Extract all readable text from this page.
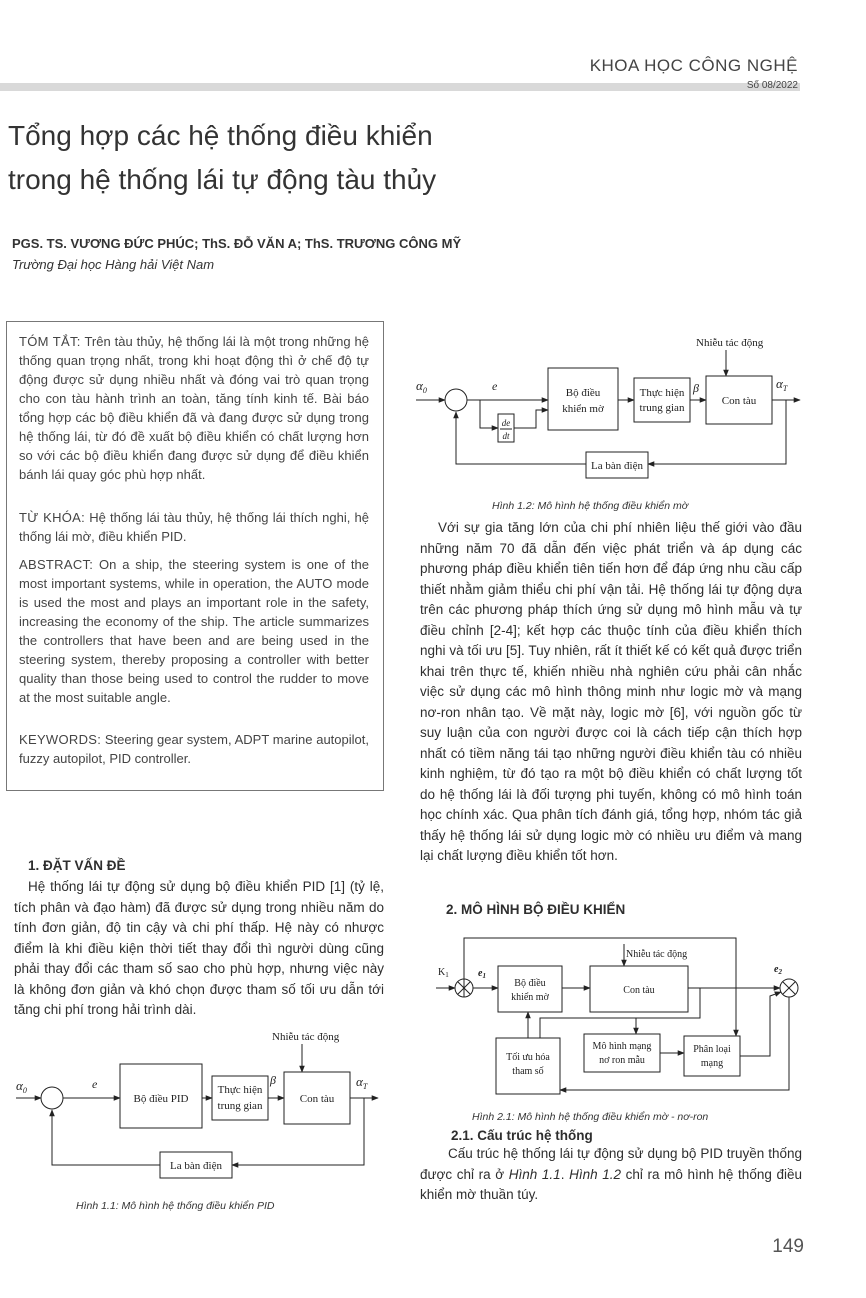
KHOA HỌC CÔNG NGHỆ
Số 08/2022
Tổng hợp các hệ thống điều khiển
trong hệ thống lái tự động tàu thủy
PGS. TS. VƯƠNG ĐỨC PHÚC; ThS. ĐỖ VĂN A; ThS. TRƯƠNG CÔNG MỸ
Trường Đại học Hàng hải Việt Nam

TÓM TẮT: Trên tàu thủy, hệ thống lái là một trong những hệ thống quan trọng nhất, trong khi hoạt động thì ở chế độ tự động được sử dụng nhiều nhất và đóng vai trò quan trọng cho con tàu hành trình an toàn, tăng tính kinh tế. Bài báo tổng hợp các bộ điều khiển đã và đang được sử dụng trong hệ thống lái, từ đó đề xuất bộ điều khiển có chất lượng hơn so với các bộ điều khiển đang được sử dụng để điều khiển bánh lái quay góc phù hợp nhất.

TỪ KHÓA: Hệ thống lái tàu thủy, hệ thống lái thích nghi, hệ thống lái mờ, điều khiển PID.

ABSTRACT: On a ship, the steering system is one of the most important systems, while in operation, the AUTO mode is used the most and plays an important role in the safety, increasing the economy of the ship. The article summarizes the controllers that have been and are being used in the steering system, thereby proposing a controller with better quality than those being used to control the rudder to move at the most suitable angle.

KEYWORDS: Steering gear system, ADPT marine autopilot, fuzzy autopilot, PID controller.

1. ĐẶT VẤN ĐỀ

Hệ thống lái tự động sử dụng bộ điều khiển PID [1] (tỷ lệ, tích phân và đạo hàm) đã được sử dụng trong nhiều năm do tính đơn giản, độ tin cậy và chi phí thấp. Hệ này có nhược điểm là khi điều kiện thời tiết thay đổi thì người dùng cũng phải thay đổi các tham số sao cho phù hợp, nhưng việc này là không đơn giản và khó chọn được tham số tối ưu dẫn tới tăng chi phí trong hải trình dài.

Nhiễu tác động
$\alpha_0$	e
Bộ điều PID
Thực hiện
trung gian
β
Con tàu
$\alpha_T$
La bàn điện
Hình 1.1: Mô hình hệ thống điều khiển PID
Nhiễu tác động
$\alpha_0$	e
de
dt
Bộ điều
khiển mờ
Thực hiện
trung gian
β
Con tàu
$\alpha_T$
La bàn điện
Hình 1.2: Mô hình hệ thống điều khiển mờ

Với sự gia tăng lớn của chi phí nhiên liệu thế giới vào đầu những năm 70 đã dẫn đến việc phát triển và áp dụng các phương pháp điều khiển tiên tiến hơn để đáp ứng nhu cầu cấp thiết nhằm giảm thiểu chi phí vận tải. Hệ thống lái tự động dựa trên các phương pháp thích ứng sử dụng mô hình mẫu và tự điều chỉnh [2-4]; kết hợp các thuộc tính của điều khiển thích nghi và tối ưu [5]. Tuy nhiên, rất ít thiết kế có kết quả được triển khai trên thực tế, khiến nhiều nhà nghiên cứu phải cân nhắc việc sử dụng các mô hình thông minh như logic mờ và mạng nơ-ron nhân tạo. Về mặt này, logic mờ [6], với nguồn gốc từ suy luận của con người được coi là cách tiếp cận thích hợp nhất có tiềm năng tái tạo những người điều khiển tàu có nhiều kinh nghiệm, từ đó tạo ra một bộ điều khiển có chất lượng tốt do hệ thống lái là đối tượng phi tuyến, không có mô hình toán học chính xác. Qua phân tích đánh giá, tổng hợp, nhóm tác giả thấy hệ thống lái sử dụng logic mờ có nhiều ưu điểm và mang lại chất lượng điều khiển tốt hơn.

2. MÔ HÌNH BỘ ĐIỀU KHIỂN
$K_1$	$e_1$
Bộ điều
khiển mờ
Nhiễu tác động
Con tàu
$e_2$
Mô hình mạng
nơ ron mẫu
Phân loại
mạng
Tối ưu hóa
tham số
Hình 2.1: Mô hình hệ thống điều khiển mờ - nơ-ron
2.1. Cấu trúc hệ thống

Cấu trúc hệ thống lái tự động sử dụng bộ PID truyền thống được chỉ ra ở Hình 1.1. Hình 1.2 chỉ ra mô hình hệ thống điều khiển mờ thuần túy.

149
